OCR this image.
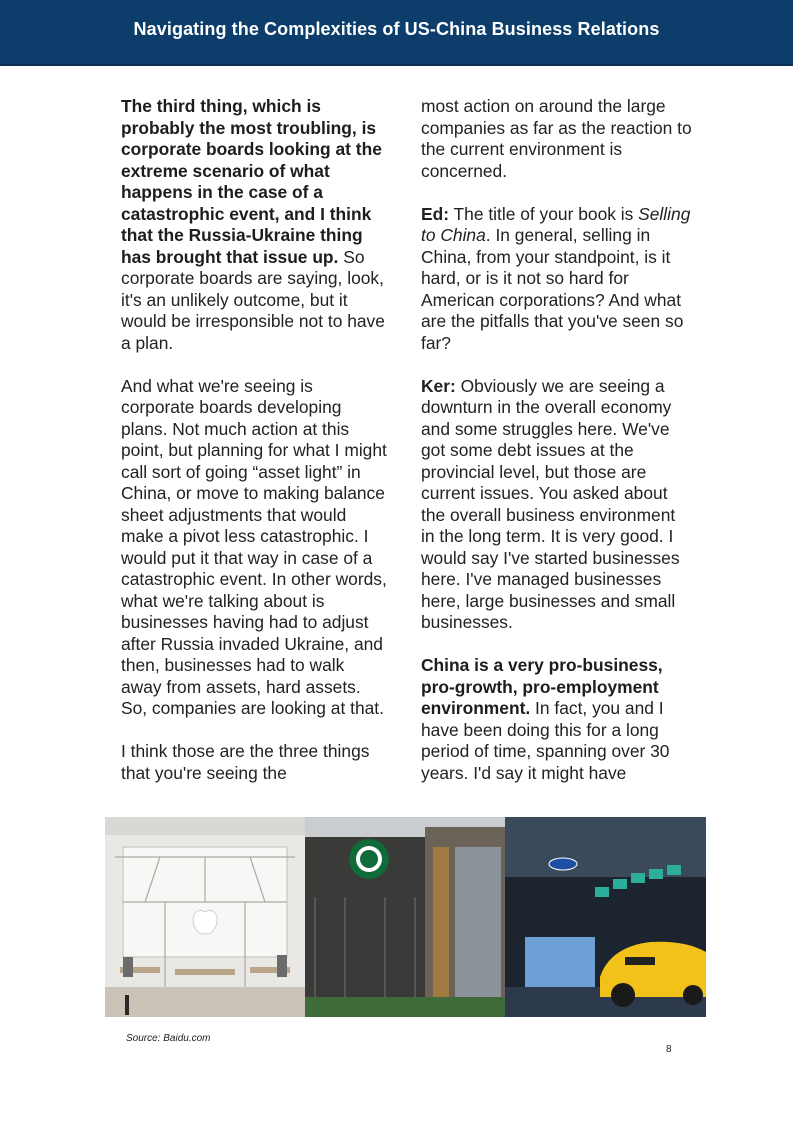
Navigating the Complexities of US-China Business Relations

The third thing, which is probably the most troubling, is corporate boards looking at the extreme scenario of what happens in the case of a catastrophic event, and I think that the Russia-Ukraine thing has brought that issue up. So corporate boards are saying, look, it's an unlikely outcome, but it would be irresponsible not to have a plan.

And what we're seeing is corporate boards developing plans. Not much action at this point, but planning for what I might call sort of going “asset light” in China, or move to making balance sheet adjustments that would make a pivot less catastrophic. I would put it that way in case of a catastrophic event. In other words, what we're talking about is businesses having had to adjust after Russia invaded Ukraine, and then, businesses had to walk away from assets, hard assets. So, companies are looking at that.

I think those are the three things that you're seeing the

most action on around the large companies as far as the reaction to the current environment is concerned.

Ed: The title of your book is Selling to China. In general, selling in China, from your standpoint, is it hard, or is it not so hard for American corporations? And what are the pitfalls that you've seen so far?

Ker: Obviously we are seeing a downturn in the overall economy and some struggles here. We've got some debt issues at the provincial level, but those are current issues. You asked about the overall business environment in the long term. It is very good. I would say I've started businesses here. I've managed businesses here, large businesses and small businesses.

China is a very pro-business, pro-growth, pro-employment environment. In fact, you and I have been doing this for a long period of time, spanning over 30 years. I'd say it might have

Source: Baidu.com
8
